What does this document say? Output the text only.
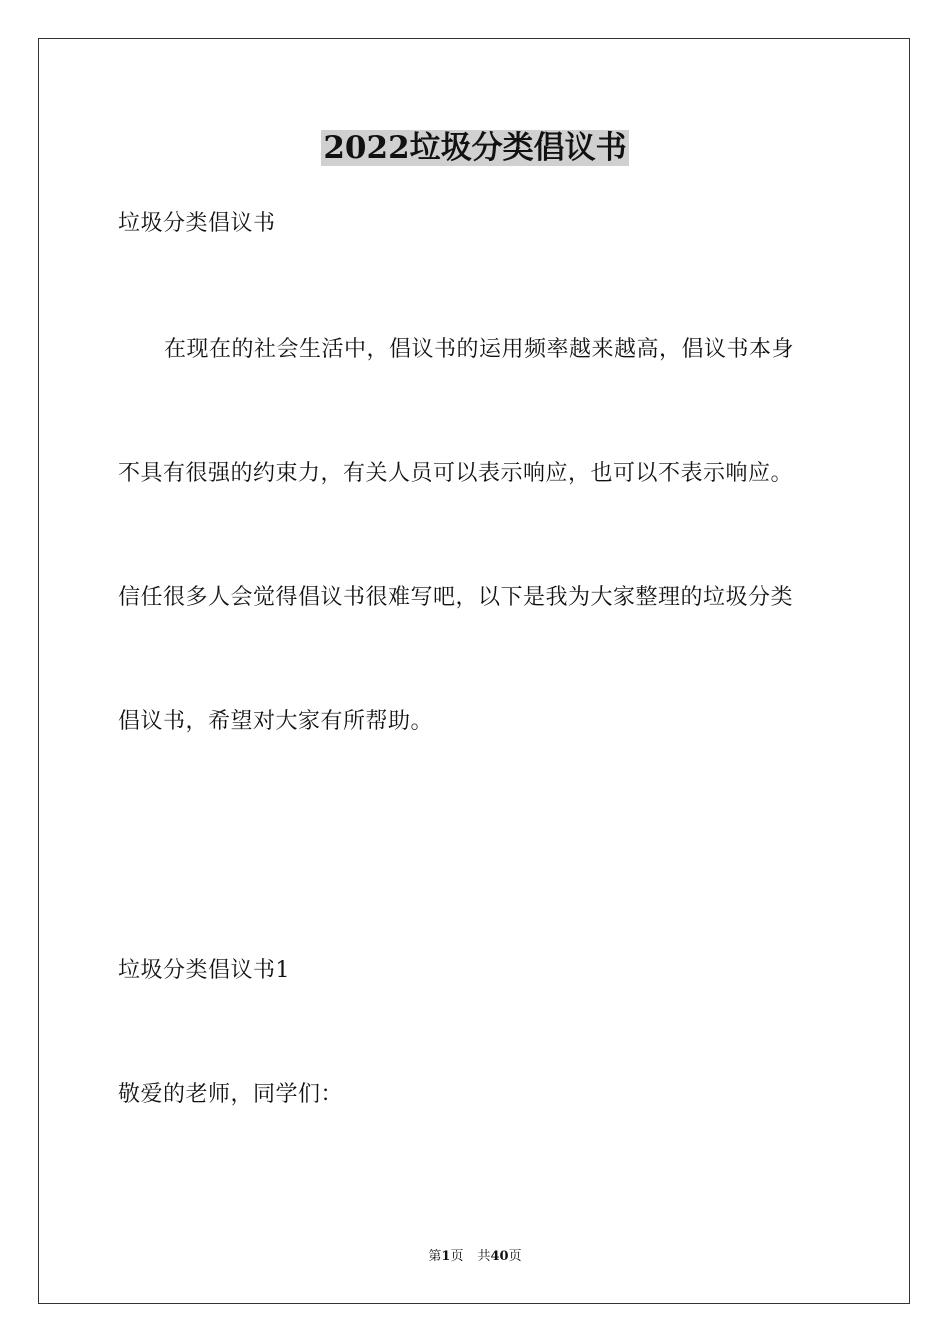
2022垃圾分类倡议书
垃圾分类倡议书
在现在的社会生活中，倡议书的运用频率越来越高，倡议书本身
不具有很强的约束力，有关人员可以表示响应，也可以不表示响应。
信任很多人会觉得倡议书很难写吧，以下是我为大家整理的垃圾分类
倡议书，希望对大家有所帮助。
垃圾分类倡议书1
敬爱的老师，同学们：
第1页 共40页
